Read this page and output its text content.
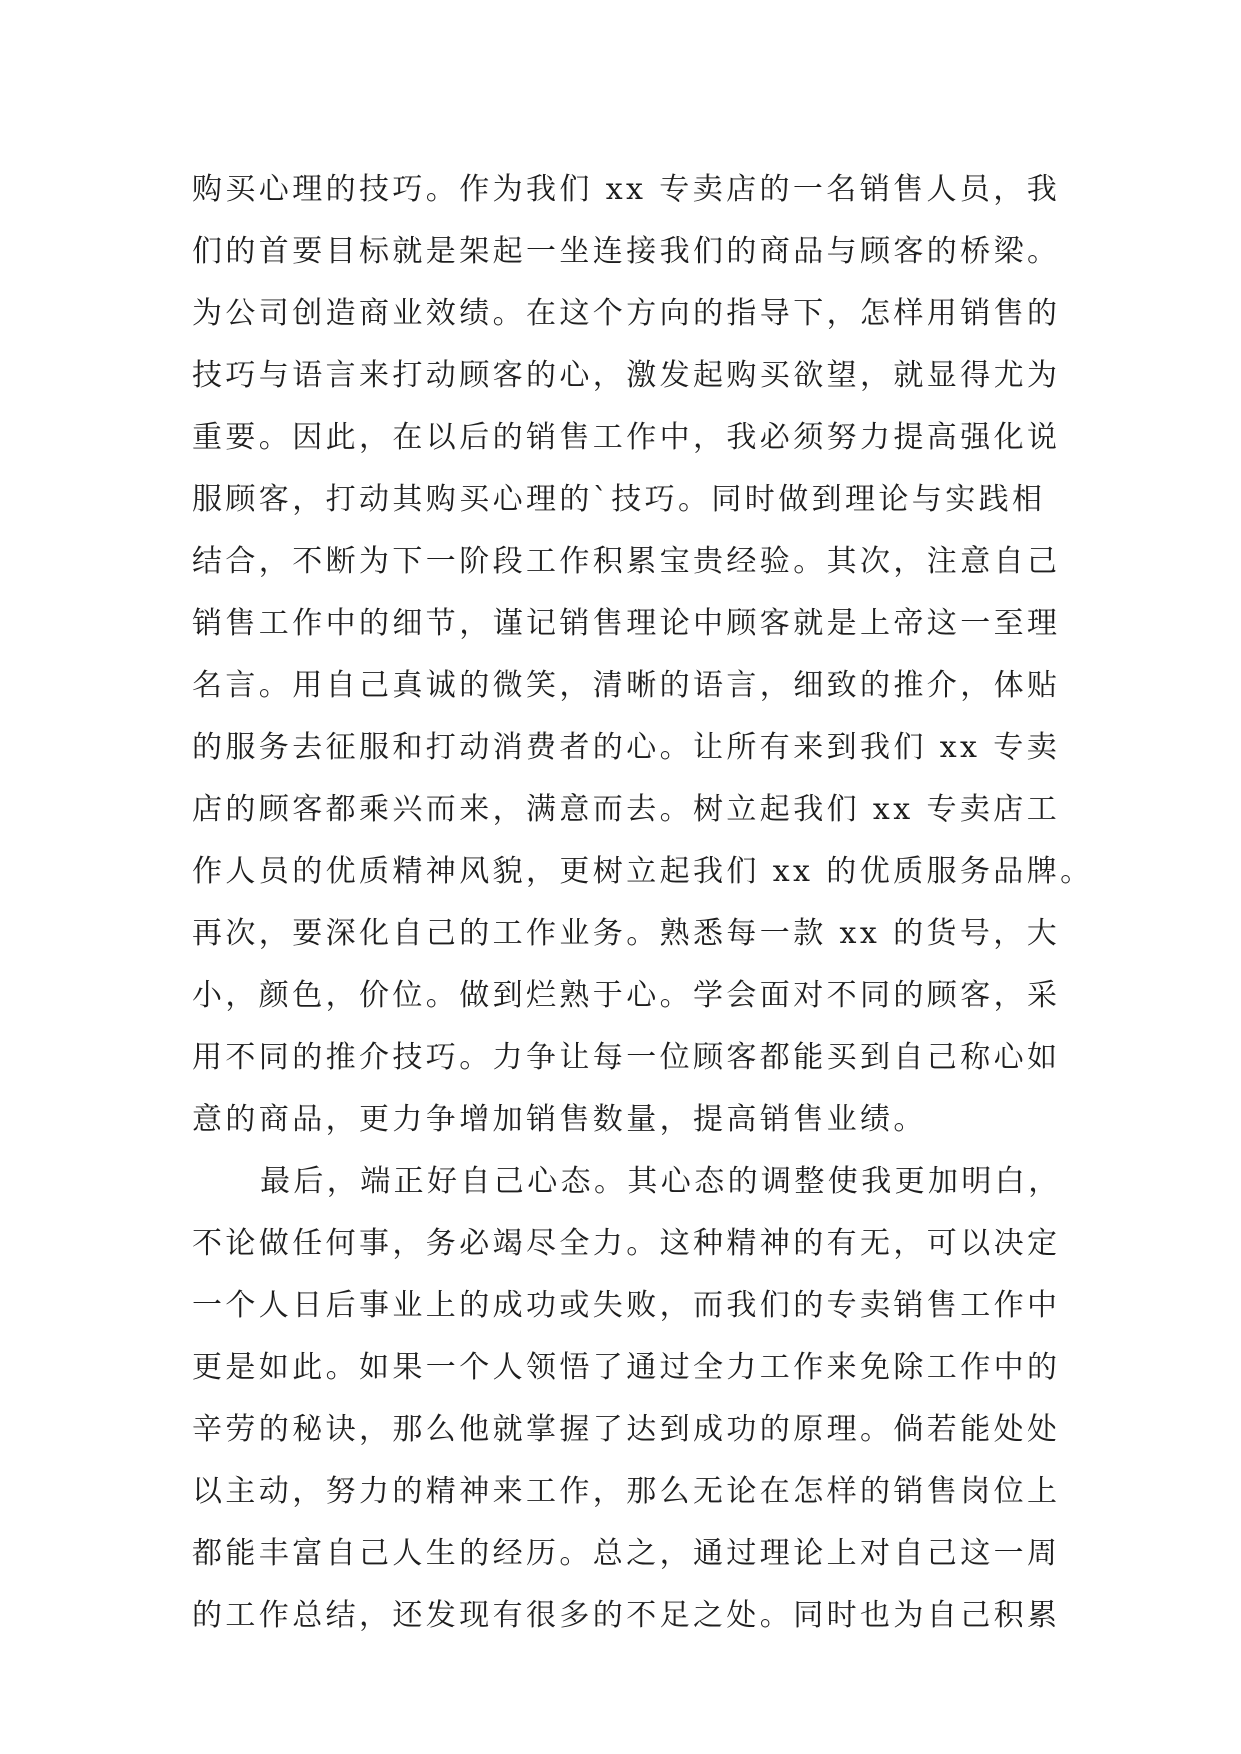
购买心理的技巧。作为我们 xx 专卖店的一名销售人员，我
们的首要目标就是架起一坐连接我们的商品与顾客的桥梁。
为公司创造商业效绩。在这个方向的指导下，怎样用销售的
技巧与语言来打动顾客的心，激发起购买欲望，就显得尤为
重要。因此，在以后的销售工作中，我必须努力提高强化说
服顾客，打动其购买心理的`技巧。同时做到理论与实践相
结合，不断为下一阶段工作积累宝贵经验。其次，注意自己
销售工作中的细节，谨记销售理论中顾客就是上帝这一至理
名言。用自己真诚的微笑，清晰的语言，细致的推介，体贴
的服务去征服和打动消费者的心。让所有来到我们 xx 专卖
店的顾客都乘兴而来，满意而去。树立起我们 xx 专卖店工
作人员的优质精神风貌，更树立起我们 xx 的优质服务品牌。
再次，要深化自己的工作业务。熟悉每一款 xx 的货号，大
小，颜色，价位。做到烂熟于心。学会面对不同的顾客，采
用不同的推介技巧。力争让每一位顾客都能买到自己称心如
意的商品，更力争增加销售数量，提高销售业绩。
最后，端正好自己心态。其心态的调整使我更加明白，
不论做任何事，务必竭尽全力。这种精神的有无，可以决定
一个人日后事业上的成功或失败，而我们的专卖销售工作中
更是如此。如果一个人领悟了通过全力工作来免除工作中的
辛劳的秘诀，那么他就掌握了达到成功的原理。倘若能处处
以主动，努力的精神来工作，那么无论在怎样的销售岗位上
都能丰富自己人生的经历。总之，通过理论上对自己这一周
的工作总结，还发现有很多的不足之处。同时也为自己积累
